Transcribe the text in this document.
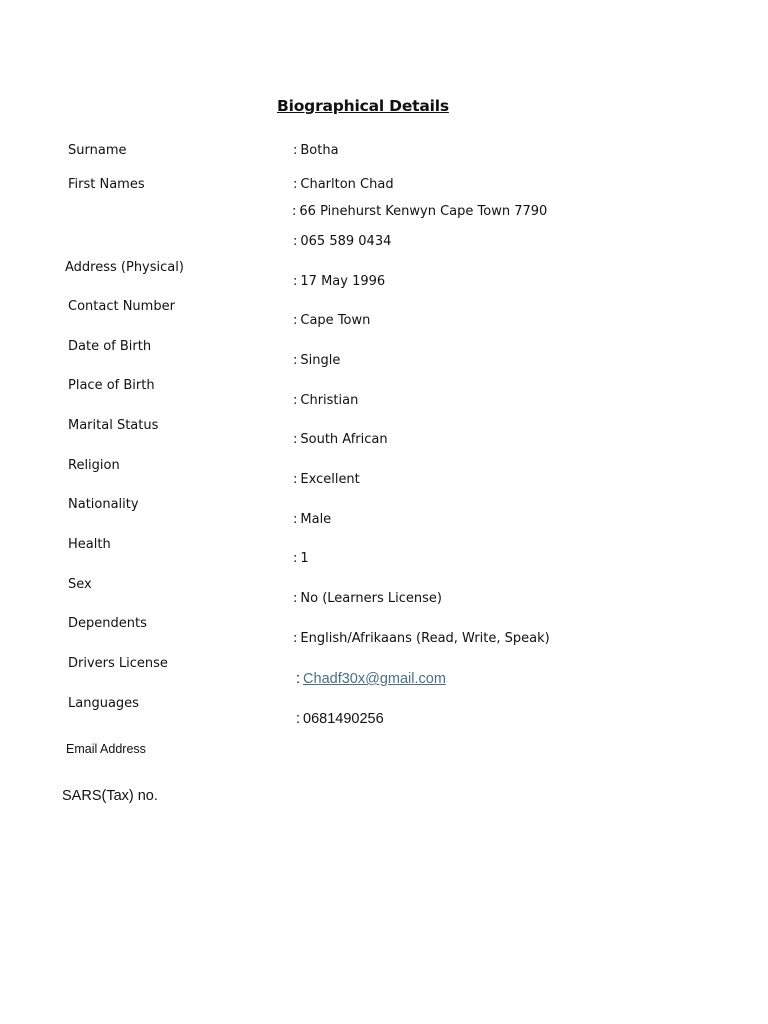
Biographical Details
Surname
First Names
Address (Physical)
Contact Number
Date of Birth
Place of Birth
Marital Status
Religion
Nationality
Health
Sex
Dependents
Drivers License
Languages
Email Address
SARS(Tax) no.
: Botha
: Charlton Chad
: 66 Pinehurst Kenwyn Cape Town 7790
: 065 589 0434
: 17 May 1996
: Cape Town
: Single
: Christian
: South African
: Excellent
: Male
: 1
: No (Learners License)
: English/Afrikaans (Read, Write, Speak)
: Chadf30x@gmail.com
: 0681490256
